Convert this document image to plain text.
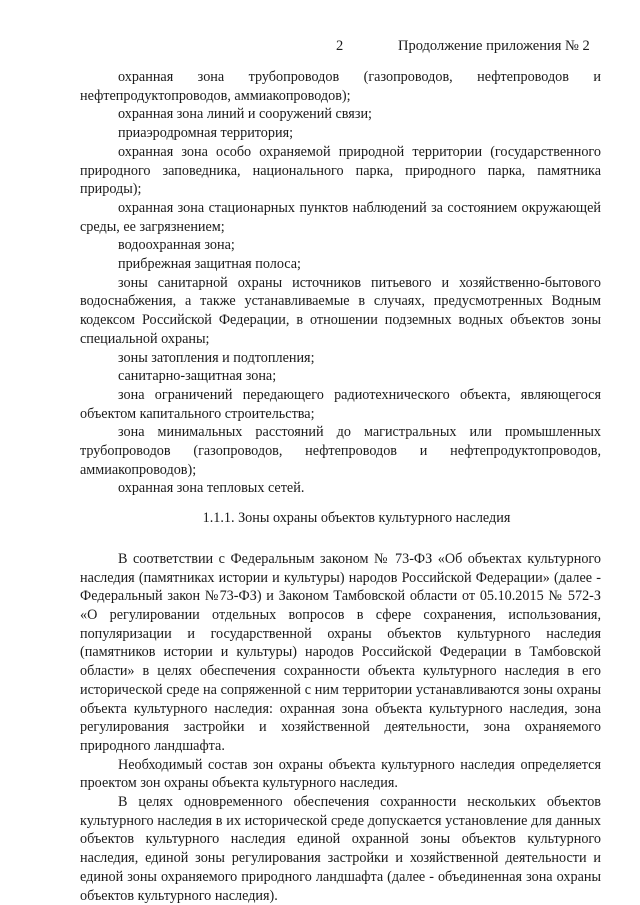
2	Продолжение приложения № 2

охранная зона трубопроводов (газопроводов, нефтепроводов и нефтепродуктопроводов, аммиакопроводов);

охранная зона линий и сооружений связи;

приаэродромная территория;

охранная зона особо охраняемой природной территории (государственного природного заповедника, национального парка, природного парка, памятника природы);

охранная зона стационарных пунктов наблюдений за состоянием окружающей среды, ее загрязнением;

водоохранная зона;

прибрежная защитная полоса;

зоны санитарной охраны источников питьевого и хозяйственно-бытового водоснабжения, а также устанавливаемые в случаях, предусмотренных Водным кодексом Российской Федерации, в отношении подземных водных объектов зоны специальной охраны;

зоны затопления и подтопления;

санитарно-защитная зона;

зона ограничений передающего радиотехнического объекта, являющегося объектом капитального строительства;

зона минимальных расстояний до магистральных или промышленных трубопроводов (газопроводов, нефтепроводов и нефтепродуктопроводов, аммиакопроводов);

охранная зона тепловых сетей.

1.1.1. Зоны охраны объектов культурного наследия

В соответствии с Федеральным законом № 73-ФЗ «Об объектах культурного наследия (памятниках истории и культуры) народов Российской Федерации» (далее - Федеральный закон №73-ФЗ) и Законом Тамбовской области от 05.10.2015 № 572-З «О регулировании отдельных вопросов в сфере сохранения, использования, популяризации и государственной охраны объектов культурного наследия (памятников истории и культуры) народов Российской Федерации в Тамбовской области» в целях обеспечения сохранности объекта культурного наследия в его исторической среде на сопряженной с ним территории устанавливаются зоны охраны объекта культурного наследия: охранная зона объекта культурного наследия, зона регулирования застройки и хозяйственной деятельности, зона охраняемого природного ландшафта.

Необходимый состав зон охраны объекта культурного наследия определяется проектом зон охраны объекта культурного наследия.

В целях одновременного обеспечения сохранности нескольких объектов культурного наследия в их исторической среде допускается установление для данных объектов культурного наследия единой охранной зоны объектов культурного наследия, единой зоны регулирования застройки и хозяйственной деятельности и единой зоны охраняемого природного ландшафта (далее - объединенная зона охраны объектов культурного наследия).
